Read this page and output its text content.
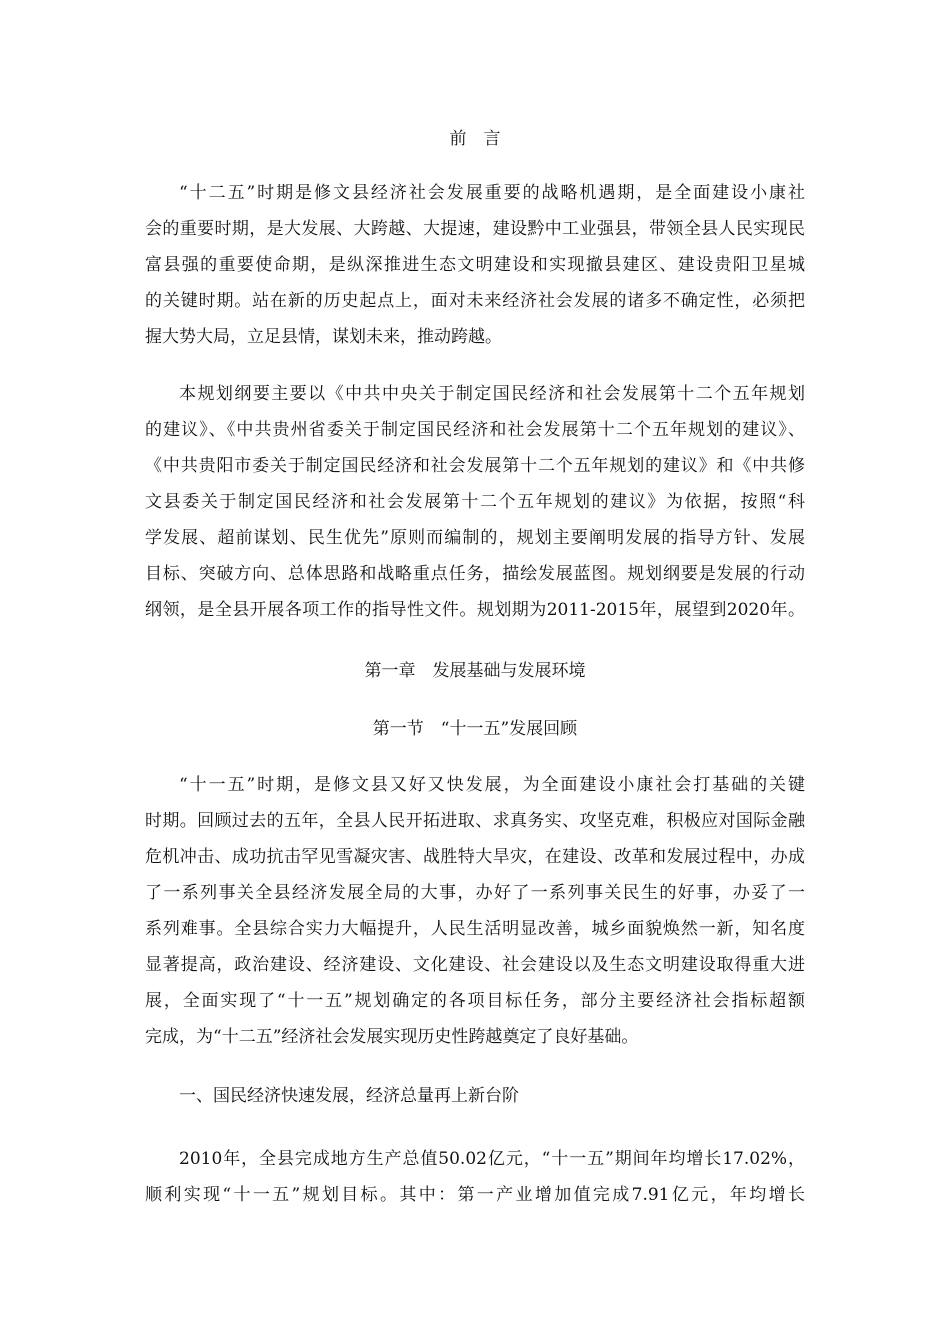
前　言
“十二五”时期是修文县经济社会发展重要的战略机遇期，是全面建设小康社
会的重要时期，是大发展、大跨越、大提速，建设黔中工业强县，带领全县人民实现民
富县强的重要使命期，是纵深推进生态文明建设和实现撤县建区、建设贵阳卫星城
的关键时期。站在新的历史起点上，面对未来经济社会发展的诸多不确定性，必须把
握大势大局，立足县情，谋划未来，推动跨越。
本规划纲要主要以《中共中央关于制定国民经济和社会发展第十二个五年规划
的建议》、《中共贵州省委关于制定国民经济和社会发展第十二个五年规划的建议》、
《中共贵阳市委关于制定国民经济和社会发展第十二个五年规划的建议》和《中共修
文县委关于制定国民经济和社会发展第十二个五年规划的建议》为依据，按照“科
学发展、超前谋划、民生优先”原则而编制的，规划主要阐明发展的指导方针、发展
目标、突破方向、总体思路和战略重点任务，描绘发展蓝图。规划纲要是发展的行动
纲领，是全县开展各项工作的指导性文件。规划期为2011-2015年，展望到2020年。
第一章　发展基础与发展环境
第一节　“十一五”发展回顾
“十一五”时期，是修文县又好又快发展，为全面建设小康社会打基础的关键
时期。回顾过去的五年，全县人民开拓进取、求真务实、攻坚克难，积极应对国际金融
危机冲击、成功抗击罕见雪凝灾害、战胜特大旱灾，在建设、改革和发展过程中，办成
了一系列事关全县经济发展全局的大事，办好了一系列事关民生的好事，办妥了一
系列难事。全县综合实力大幅提升，人民生活明显改善，城乡面貌焕然一新，知名度
显著提高，政治建设、经济建设、文化建设、社会建设以及生态文明建设取得重大进
展，全面实现了“十一五”规划确定的各项目标任务，部分主要经济社会指标超额
完成，为“十二五”经济社会发展实现历史性跨越奠定了良好基础。
一、国民经济快速发展，经济总量再上新台阶
2010年，全县完成地方生产总值50.02亿元，“十一五”期间年均增长17.02%，
顺利实现“十一五”规划目标。其中：第一产业增加值完成7.91亿元，年均增长
